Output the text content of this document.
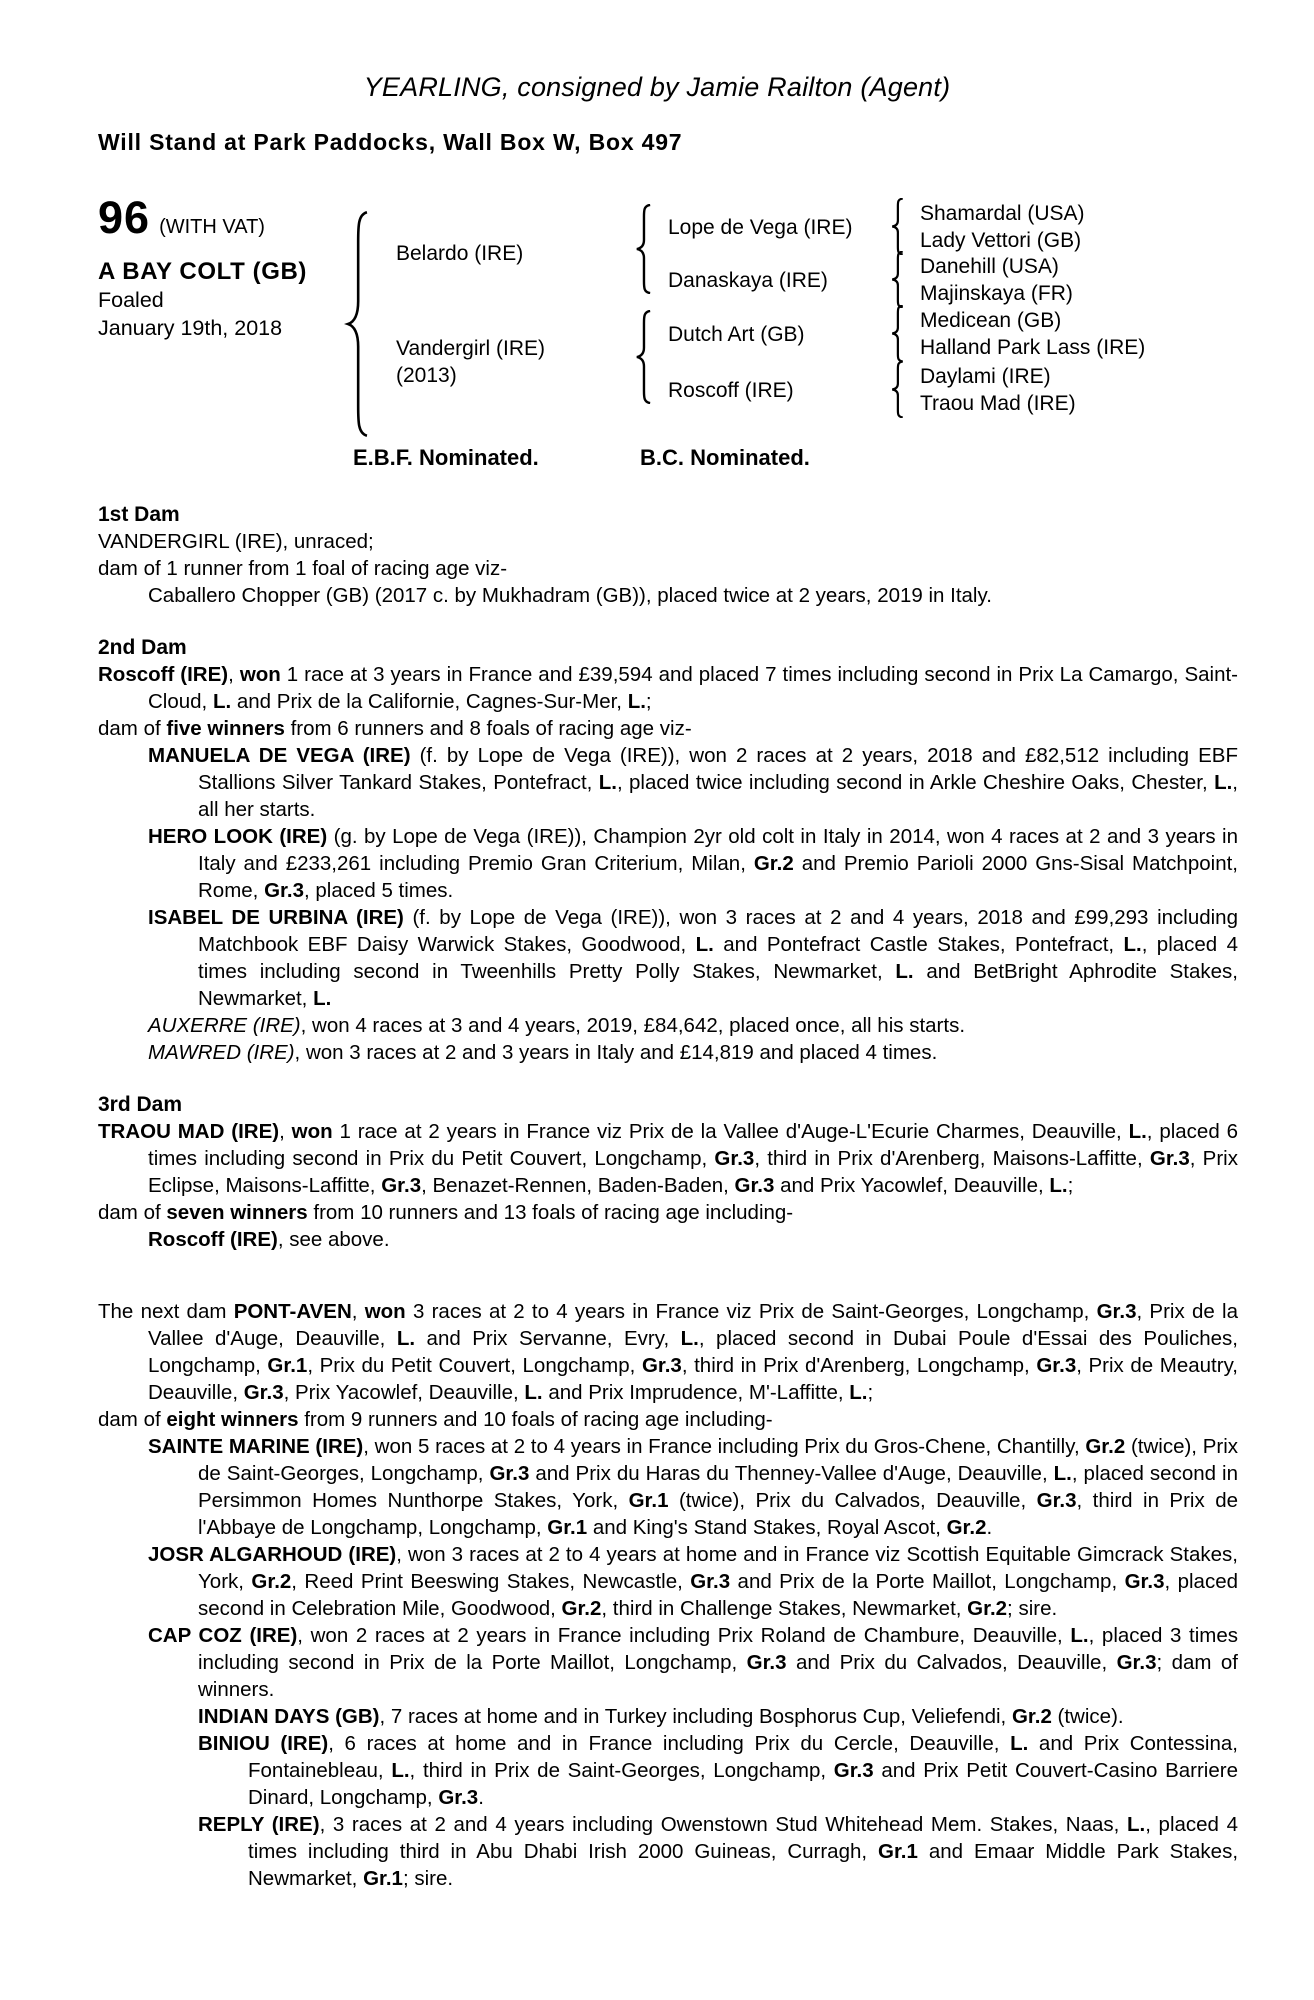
YEARLING, consigned by Jamie Railton (Agent)
Will Stand at Park Paddocks, Wall Box W, Box 497
96 (WITH VAT)
A BAY COLT (GB)
Foaled
January 19th, 2018
Belardo (IRE)
Vandergirl (IRE)
(2013)
Lope de Vega (IRE)
Danaskaya (IRE)
Dutch Art (GB)
Roscoff (IRE)
Shamardal (USA)
Lady Vettori (GB)
Danehill (USA)
Majinskaya (FR)
Medicean (GB)
Halland Park Lass (IRE)
Daylami (IRE)
Traou Mad (IRE)
E.B.F. Nominated.	B.C. Nominated.
1st Dam
VANDERGIRL (IRE), unraced;
dam of 1 runner from 1 foal of racing age viz-
Caballero Chopper (GB) (2017 c. by Mukhadram (GB)), placed twice at 2 years, 2019 in Italy.
2nd Dam
Roscoff (IRE), won 1 race at 3 years in France and £39,594 and placed 7 times including second in Prix La Camargo, Saint-Cloud, L. and Prix de la Californie, Cagnes-Sur-Mer, L.;
dam of five winners from 6 runners and 8 foals of racing age viz-
MANUELA DE VEGA (IRE) (f. by Lope de Vega (IRE)), won 2 races at 2 years, 2018 and £82,512 including EBF Stallions Silver Tankard Stakes, Pontefract, L., placed twice including second in Arkle Cheshire Oaks, Chester, L., all her starts.
HERO LOOK (IRE) (g. by Lope de Vega (IRE)), Champion 2yr old colt in Italy in 2014, won 4 races at 2 and 3 years in Italy and £233,261 including Premio Gran Criterium, Milan, Gr.2 and Premio Parioli 2000 Gns-Sisal Matchpoint, Rome, Gr.3, placed 5 times.
ISABEL DE URBINA (IRE) (f. by Lope de Vega (IRE)), won 3 races at 2 and 4 years, 2018 and £99,293 including Matchbook EBF Daisy Warwick Stakes, Goodwood, L. and Pontefract Castle Stakes, Pontefract, L., placed 4 times including second in Tweenhills Pretty Polly Stakes, Newmarket, L. and BetBright Aphrodite Stakes, Newmarket, L.
AUXERRE (IRE), won 4 races at 3 and 4 years, 2019, £84,642, placed once, all his starts.
MAWRED (IRE), won 3 races at 2 and 3 years in Italy and £14,819 and placed 4 times.
3rd Dam
TRAOU MAD (IRE), won 1 race at 2 years in France viz Prix de la Vallee d'Auge-L'Ecurie Charmes, Deauville, L., placed 6 times including second in Prix du Petit Couvert, Longchamp, Gr.3, third in Prix d'Arenberg, Maisons-Laffitte, Gr.3, Prix Eclipse, Maisons-Laffitte, Gr.3, Benazet-Rennen, Baden-Baden, Gr.3 and Prix Yacowlef, Deauville, L.;
dam of seven winners from 10 runners and 13 foals of racing age including-
Roscoff (IRE), see above.
The next dam PONT-AVEN, won 3 races at 2 to 4 years in France viz Prix de Saint-Georges, Longchamp, Gr.3, Prix de la Vallee d'Auge, Deauville, L. and Prix Servanne, Evry, L., placed second in Dubai Poule d'Essai des Pouliches, Longchamp, Gr.1, Prix du Petit Couvert, Longchamp, Gr.3, third in Prix d'Arenberg, Longchamp, Gr.3, Prix de Meautry, Deauville, Gr.3, Prix Yacowlef, Deauville, L. and Prix Imprudence, M'-Laffitte, L.;
dam of eight winners from 9 runners and 10 foals of racing age including-
SAINTE MARINE (IRE), won 5 races at 2 to 4 years in France including Prix du Gros-Chene, Chantilly, Gr.2 (twice), Prix de Saint-Georges, Longchamp, Gr.3 and Prix du Haras du Thenney-Vallee d'Auge, Deauville, L., placed second in Persimmon Homes Nunthorpe Stakes, York, Gr.1 (twice), Prix du Calvados, Deauville, Gr.3, third in Prix de l'Abbaye de Longchamp, Longchamp, Gr.1 and King's Stand Stakes, Royal Ascot, Gr.2.
JOSR ALGARHOUD (IRE), won 3 races at 2 to 4 years at home and in France viz Scottish Equitable Gimcrack Stakes, York, Gr.2, Reed Print Beeswing Stakes, Newcastle, Gr.3 and Prix de la Porte Maillot, Longchamp, Gr.3, placed second in Celebration Mile, Goodwood, Gr.2, third in Challenge Stakes, Newmarket, Gr.2; sire.
CAP COZ (IRE), won 2 races at 2 years in France including Prix Roland de Chambure, Deauville, L., placed 3 times including second in Prix de la Porte Maillot, Longchamp, Gr.3 and Prix du Calvados, Deauville, Gr.3; dam of winners.
INDIAN DAYS (GB), 7 races at home and in Turkey including Bosphorus Cup, Veliefendi, Gr.2 (twice).
BINIOU (IRE), 6 races at home and in France including Prix du Cercle, Deauville, L. and Prix Contessina, Fontainebleau, L., third in Prix de Saint-Georges, Longchamp, Gr.3 and Prix Petit Couvert-Casino Barriere Dinard, Longchamp, Gr.3.
REPLY (IRE), 3 races at 2 and 4 years including Owenstown Stud Whitehead Mem. Stakes, Naas, L., placed 4 times including third in Abu Dhabi Irish 2000 Guineas, Curragh, Gr.1 and Emaar Middle Park Stakes, Newmarket, Gr.1; sire.
